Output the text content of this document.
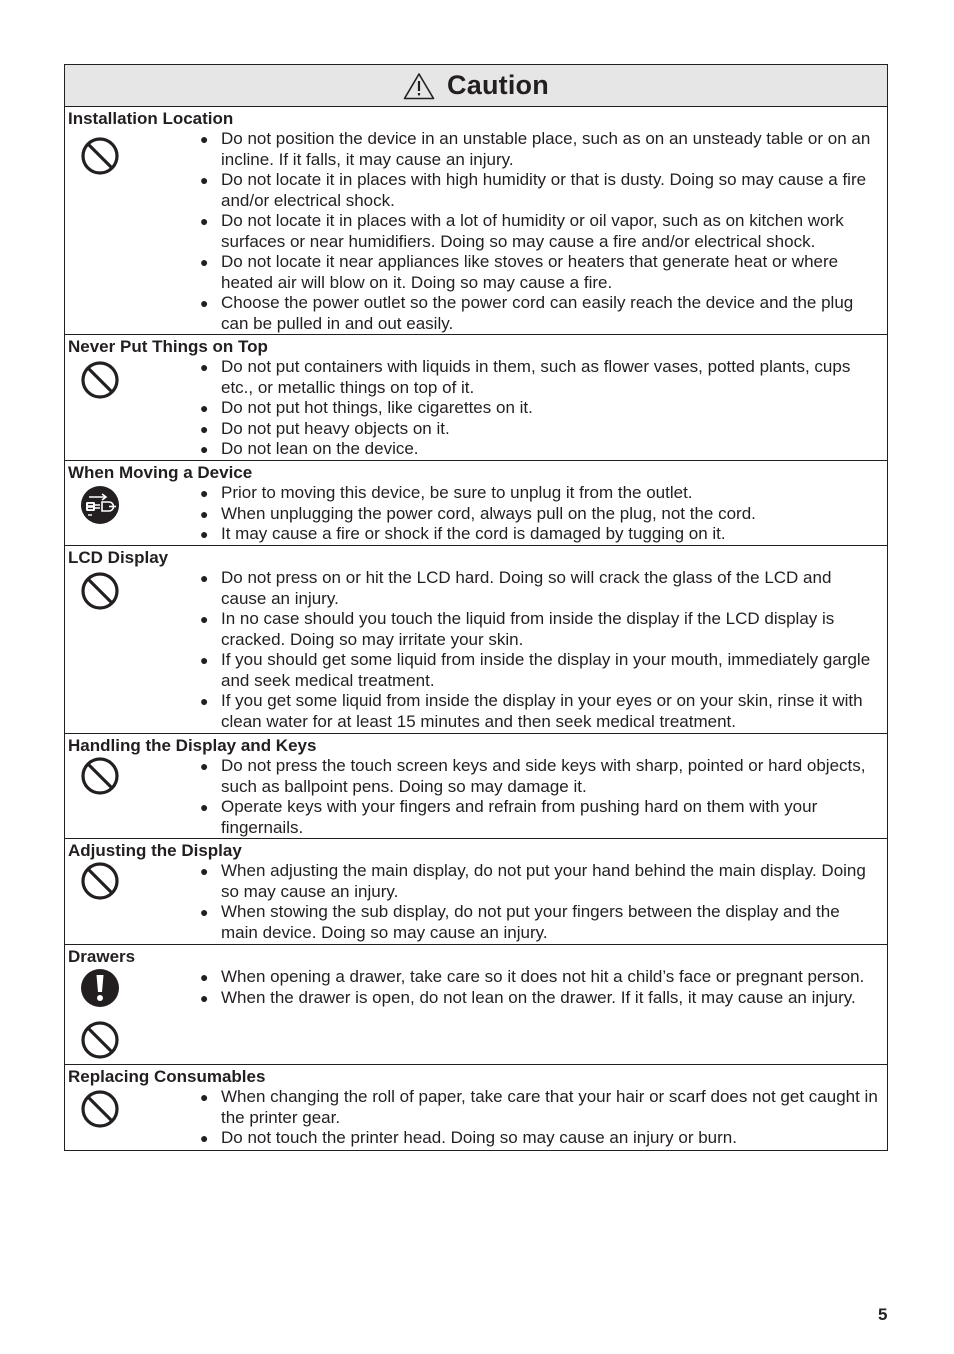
Caution
Installation Location
● Do not position the device in an unstable place, such as on an unsteady table or on an incline. If it falls, it may cause an injury.
● Do not locate it in places with high humidity or that is dusty. Doing so may cause a fire and/or electrical shock.
● Do not locate it in places with a lot of humidity or oil vapor, such as on kitchen work surfaces or near humidifiers. Doing so may cause a fire and/or electrical shock.
● Do not locate it near appliances like stoves or heaters that generate heat or where heated air will blow on it. Doing so may cause a fire.
● Choose the power outlet so the power cord can easily reach the device and the plug can be pulled in and out easily.
Never Put Things on Top
● Do not put containers with liquids in them, such as flower vases, potted plants, cups etc., or metallic things on top of it.
● Do not put hot things, like cigarettes on it.
● Do not put heavy objects on it.
● Do not lean on the device.
When Moving a Device
● Prior to moving this device, be sure to unplug it from the outlet.
● When unplugging the power cord, always pull on the plug, not the cord.
● It may cause a fire or shock if the cord is damaged by tugging on it.
LCD Display
● Do not press on or hit the LCD hard. Doing so will crack the glass of the LCD and cause an injury.
● In no case should you touch the liquid from inside the display if the LCD display is cracked. Doing so may irritate your skin.
● If you should get some liquid from inside the display in your mouth, immediately gargle and seek medical treatment.
● If you get some liquid from inside the display in your eyes or on your skin, rinse it with clean water for at least 15 minutes and then seek medical treatment.
Handling the Display and Keys
● Do not press the touch screen keys and side keys with sharp, pointed or hard objects, such as ballpoint pens. Doing so may damage it.
● Operate keys with your fingers and refrain from pushing hard on them with your fingernails.
Adjusting the Display
● When adjusting the main display, do not put your hand behind the main display. Doing so may cause an injury.
● When stowing the sub display, do not put your fingers between the display and the main device. Doing so may cause an injury.
Drawers
● When opening a drawer, take care so it does not hit a child’s face or pregnant person.
● When the drawer is open, do not lean on the drawer. If it falls, it may cause an injury.
Replacing Consumables
● When changing the roll of paper, take care that your hair or scarf does not get caught in the printer gear.
● Do not touch the printer head. Doing so may cause an injury or burn.
5
